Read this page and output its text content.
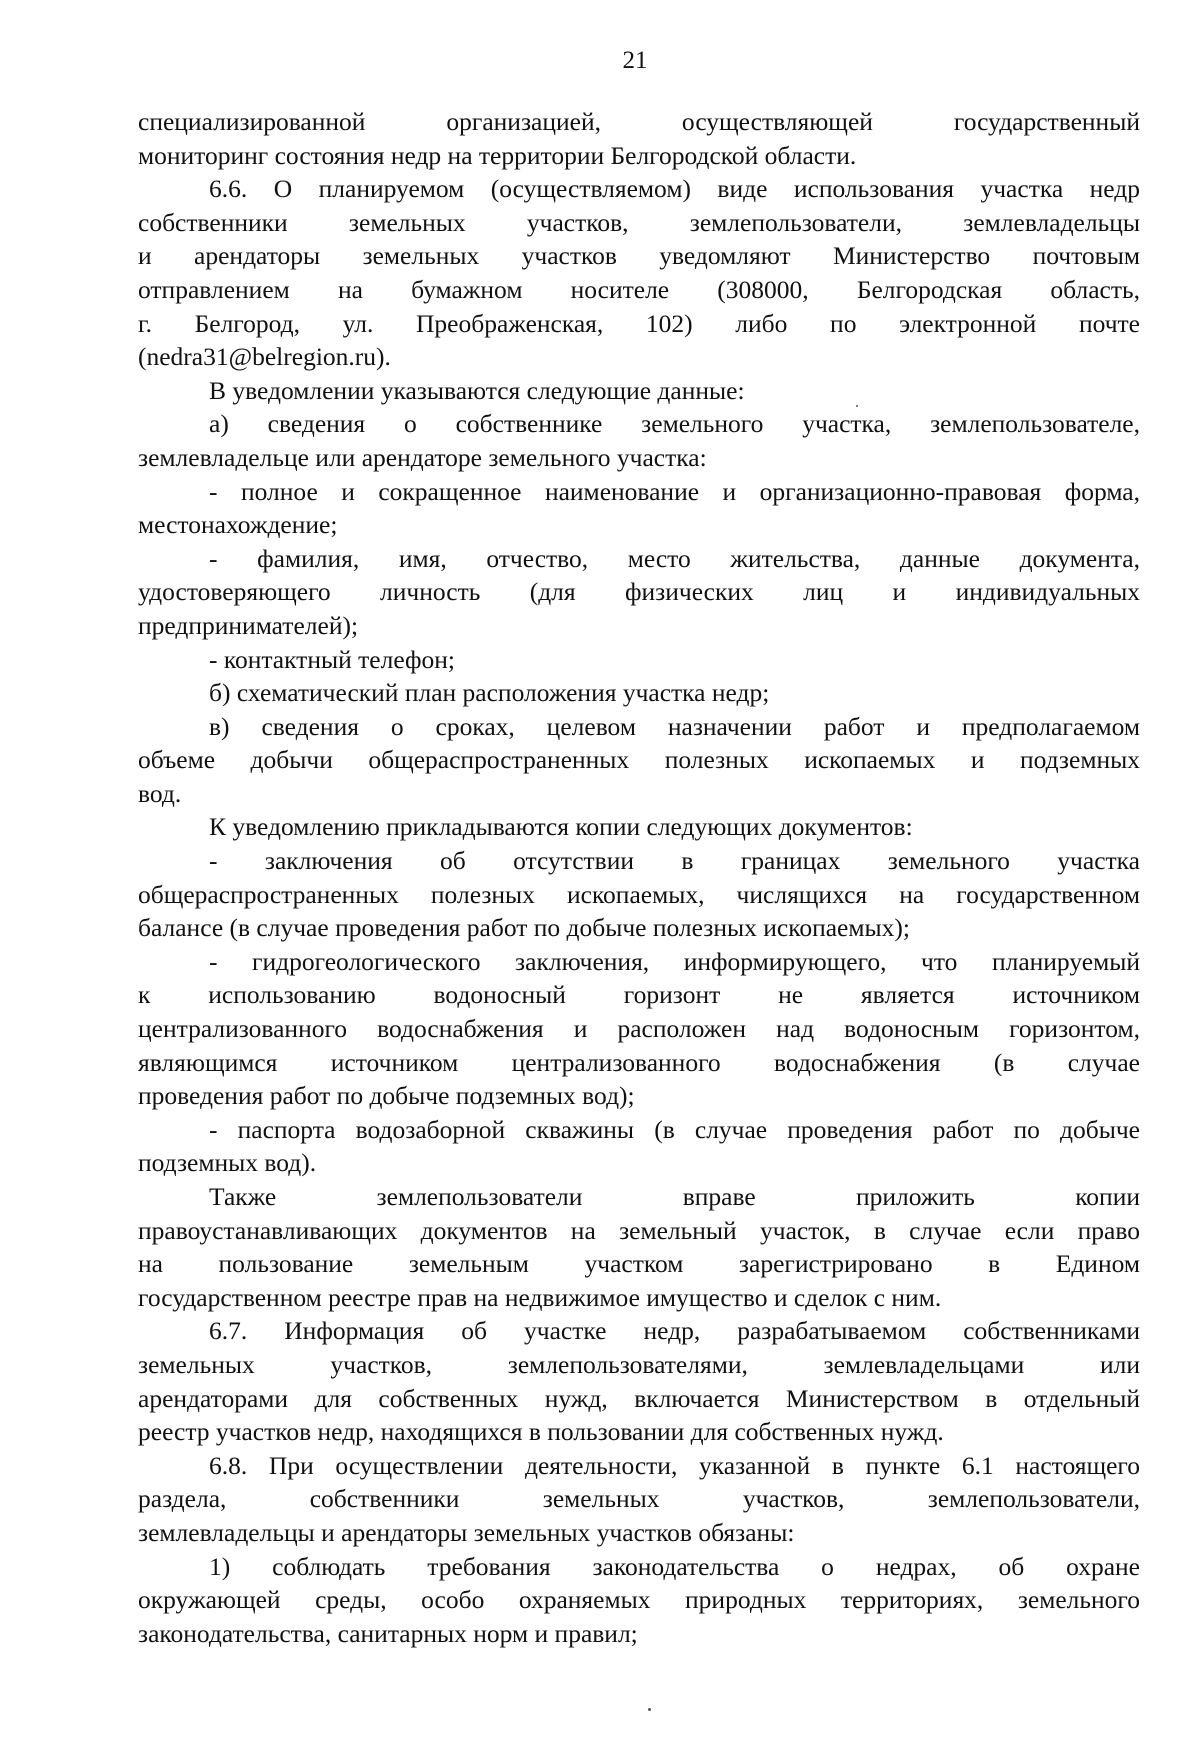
21
специализированной организацией, осуществляющей государственный
мониторинг состояния недр на территории Белгородской области.
6.6. О планируемом (осуществляемом) виде использования участка недр
собственники земельных участков, землепользователи, землевладельцы
и арендаторы земельных участков уведомляют Министерство почтовым
отправлением на бумажном носителе (308000, Белгородская область,
г. Белгород, ул. Преображенская, 102) либо по электронной почте
(nedra31@belregion.ru).
В уведомлении указываются следующие данные:
а) сведения о собственнике земельного участка, землепользователе,
землевладельце или арендаторе земельного участка:
- полное и сокращенное наименование и организационно-правовая форма,
местонахождение;
- фамилия, имя, отчество, место жительства, данные документа,
удостоверяющего личность (для физических лиц и индивидуальных
предпринимателей);
- контактный телефон;
б) схематический план расположения участка недр;
в) сведения о сроках, целевом назначении работ и предполагаемом
объеме добычи общераспространенных полезных ископаемых и подземных
вод.
К уведомлению прикладываются копии следующих документов:
- заключения об отсутствии в границах земельного участка
общераспространенных полезных ископаемых, числящихся на государственном
балансе (в случае проведения работ по добыче полезных ископаемых);
- гидрогеологического заключения, информирующего, что планируемый
к использованию водоносный горизонт не является источником
централизованного водоснабжения и расположен над водоносным горизонтом,
являющимся источником централизованного водоснабжения (в случае
проведения работ по добыче подземных вод);
- паспорта водозаборной скважины (в случае проведения работ по добыче
подземных вод).
Также землепользователи вправе приложить копии
правоустанавливающих документов на земельный участок, в случае если право
на пользование земельным участком зарегистрировано в Едином
государственном реестре прав на недвижимое имущество и сделок с ним.
6.7. Информация об участке недр, разрабатываемом собственниками
земельных участков, землепользователями, землевладельцами или
арендаторами для собственных нужд, включается Министерством в отдельный
реестр участков недр, находящихся в пользовании для собственных нужд.
6.8. При осуществлении деятельности, указанной в пункте 6.1 настоящего
раздела, собственники земельных участков, землепользователи,
землевладельцы и арендаторы земельных участков обязаны:
1) соблюдать требования законодательства о недрах, об охране
окружающей среды, особо охраняемых природных территориях, земельного
законодательства, санитарных норм и правил;
